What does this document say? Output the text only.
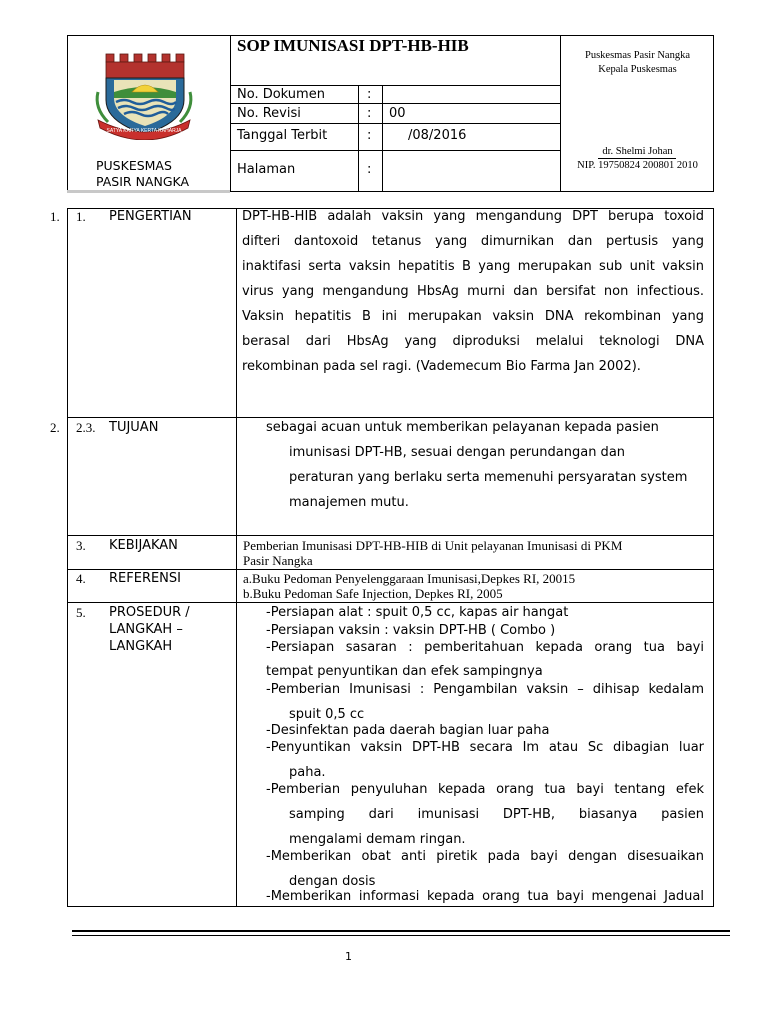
SATYA KARYA KERTA RAHARJA
PUSKESMAS
PASIR NANGKA
SOP IMUNISASI DPT-HB-HIB
No. Dokumen	:
No. Revisi	: 00
Tanggal Terbit	:	/08/2016
Halaman	:
Puskesmas Pasir Nangka
Kepala Puskesmas
dr. Shelmi Johan
NIP. 19750824 200801 2010
1. 1. PENGERTIAN	DPT-HB-HIB adalah vaksin yang mengandung DPT berupa toxoid
difteri dantoxoid tetanus yang dimurnikan dan pertusis yang
inaktifasi serta vaksin hepatitis B yang merupakan sub unit vaksin
virus yang mengandung HbsAg murni dan bersifat non infectious.
Vaksin hepatitis B ini merupakan vaksin DNA rekombinan yang
berasal dari HbsAg yang diproduksi melalui teknologi DNA
rekombinan pada sel ragi. (Vademecum Bio Farma Jan 2002).
2. 2.3. TUJUAN	sebagai acuan untuk memberikan pelayanan kepada pasien
imunisasi DPT-HB, sesuai dengan perundangan dan
peraturan yang berlaku serta memenuhi persyaratan system
manajemen mutu.
3. KEBIJAKAN	Pemberian Imunisasi DPT-HB-HIB di Unit pelayanan Imunisasi di PKM
Pasir Nangka
4. REFERENSI	a.Buku Pedoman Penyelenggaraan Imunisasi,Depkes RI, 20015
b.Buku Pedoman Safe Injection, Depkes RI, 2005
5. PROSEDUR /
LANGKAH –
LANGKAH
-Persiapan alat : spuit 0,5 cc, kapas air hangat
-Persiapan vaksin : vaksin DPT-HB ( Combo )
-Persiapan sasaran : pemberitahuan kepada orang tua bayi
tempat penyuntikan dan efek sampingnya
-Pemberian Imunisasi : Pengambilan vaksin – dihisap kedalam
spuit 0,5 cc
-Desinfektan pada daerah bagian luar paha
-Penyuntikan vaksin DPT-HB secara Im atau Sc dibagian luar
paha.
-Pemberian penyuluhan kepada orang tua bayi tentang efek
samping dari imunisasi DPT-HB, biasanya pasien
mengalami demam ringan.
-Memberikan obat anti piretik pada bayi dengan disesuaikan
dengan dosis
-Memberikan informasi kepada orang tua bayi mengenai Jadual
1
